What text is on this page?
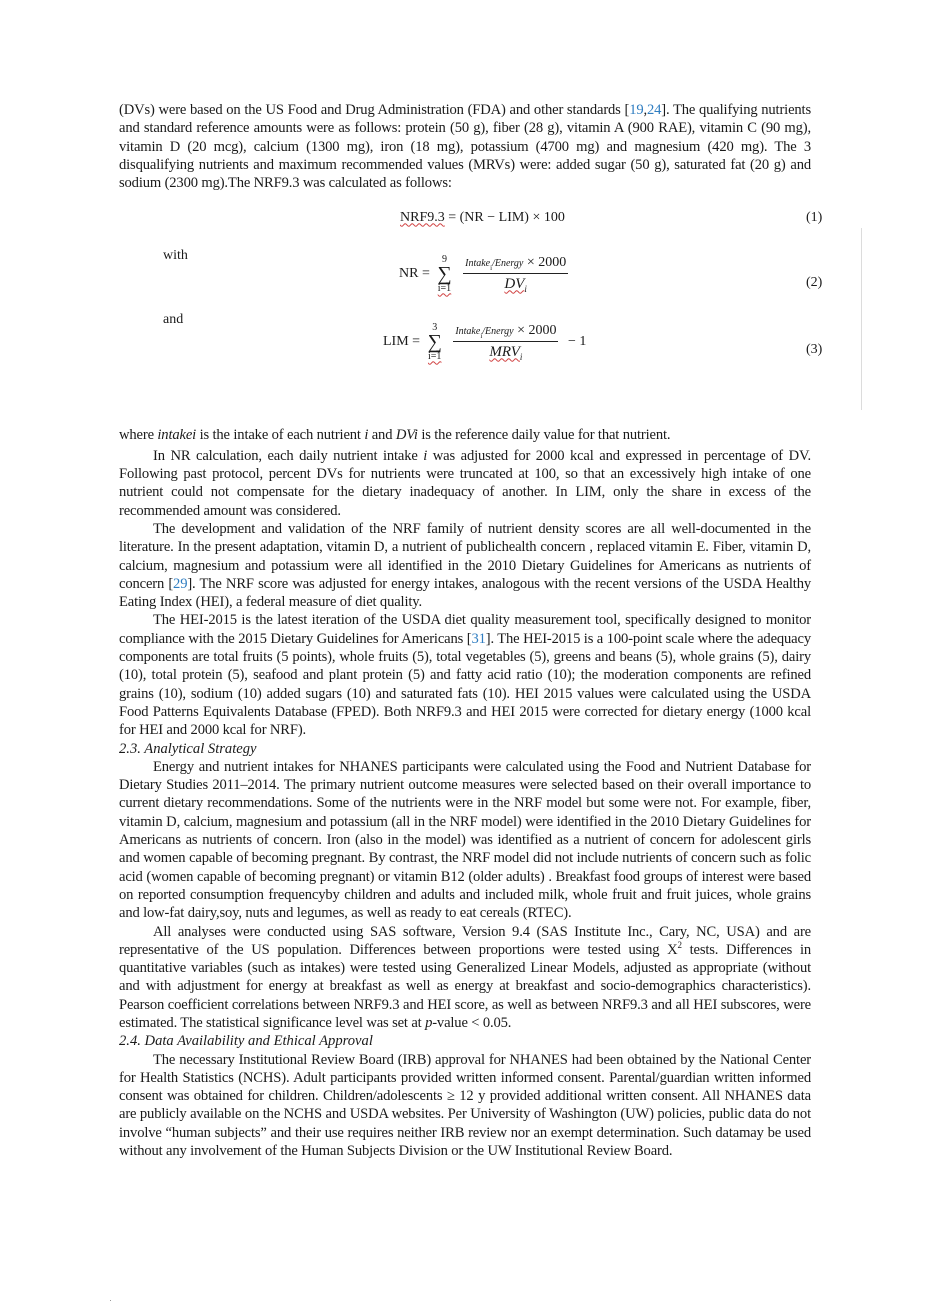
(DVs) were based on the US Food and Drug Administration (FDA) and other standards [19,24]. The qualifying nutrients and standard reference amounts were as follows: protein (50 g), fiber (28 g), vitamin A (900 RAE), vitamin C (90 mg), vitamin D (20 mcg), calcium (1300 mg), iron (18 mg), potassium (4700 mg) and magnesium (420 mg). The 3 disqualifying nutrients and maximum recommended values (MRVs) were: added sugar (50 g), saturated fat (20 g) and sodium (2300 mg).The NRF9.3 was calculated as follows:

NRF9.3 = (NR − LIM) × 100	(1)
with
NR = 9
∑
$i=1 \frac{Intake_i/Energy \times 2000}{DV_i}$	(2)
and
LIM = 3
∑
$i=1 \frac{Intake_i/Energy \times 2000}{MRV_i} - 1$
(3)

where intakei is the intake of each nutrient i and DVi is the reference daily value for that nutrient.

In NR calculation, each daily nutrient intake i was adjusted for 2000 kcal and expressed in percentage of DV. Following past protocol, percent DVs for nutrients were truncated at 100, so that an excessively high intake of one nutrient could not compensate for the dietary inadequacy of another. In LIM, only the share in excess of the recommended amount was considered.

The development and validation of the NRF family of nutrient density scores are all well-documented in the literature. In the present adaptation, vitamin D, a nutrient of publichealth concern , replaced vitamin E. Fiber, vitamin D, calcium, magnesium and potassium were all identified in the 2010 Dietary Guidelines for Americans as nutrients of concern [29]. The NRF score was adjusted for energy intakes, analogous with the recent versions of the USDA Healthy Eating Index (HEI), a federal measure of diet quality.

The HEI-2015 is the latest iteration of the USDA diet quality measurement tool, specifically designed to monitor compliance with the 2015 Dietary Guidelines for Americans [31]. The HEI-2015 is a 100-point scale where the adequacy components are total fruits (5 points), whole fruits (5), total vegetables (5), greens and beans (5), whole grains (5), dairy (10), total protein (5), seafood and plant protein (5) and fatty acid ratio (10); the moderation components are refined grains (10), sodium (10) added sugars (10) and saturated fats (10). HEI 2015 values were calculated using the USDA Food Patterns Equivalents Database (FPED). Both NRF9.3 and HEI 2015 were corrected for dietary energy (1000 kcal for HEI and 2000 kcal for NRF).

2.3. Analytical Strategy

Energy and nutrient intakes for NHANES participants were calculated using the Food and Nutrient Database for Dietary Studies 2011–2014. The primary nutrient outcome measures were selected based on their overall importance to current dietary recommendations. Some of the nutrients were in the NRF model but some were not. For example, fiber, vitamin D, calcium, magnesium and potassium (all in the NRF model) were identified in the 2010 Dietary Guidelines for Americans as nutrients of concern. Iron (also in the model) was identified as a nutrient of concern for adolescent girls and women capable of becoming pregnant. By contrast, the NRF model did not include nutrients of concern such as folic acid (women capable of becoming pregnant) or vitamin B12 (older adults) . Breakfast food groups of interest were based on reported consumption frequencyby children and adults and included milk, whole fruit and fruit juices, whole grains and low-fat dairy,soy, nuts and legumes, as well as ready to eat cereals (RTEC).

All analyses were conducted using SAS software, Version 9.4 (SAS Institute Inc., Cary, NC, USA) and are representative of the US population. Differences between proportions were tested using $X^2$ tests. Differences in quantitative variables (such as intakes) were tested using Generalized Linear Models, adjusted as appropriate (without and with adjustment for energy at breakfast as well as energy at breakfast and socio-demographics characteristics). Pearson coefficient correlations between NRF9.3 and HEI score, as well as between NRF9.3 and all HEI subscores, were estimated. The statistical significance level was set at p-value < 0.05.

2.4. Data Availability and Ethical Approval

The necessary Institutional Review Board (IRB) approval for NHANES had been obtained by the National Center for Health Statistics (NCHS). Adult participants provided written informed consent. Parental/guardian written informed consent was obtained for children. Children/adolescents ≥ 12 y provided additional written consent. All NHANES data are publicly available on the NCHS and USDA websites. Per University of Washington (UW) policies, public data do not involve “human subjects” and their use requires neither IRB review nor an exempt determination. Such datamay be used without any involvement of the Human Subjects Division or the UW Institutional Review Board.
